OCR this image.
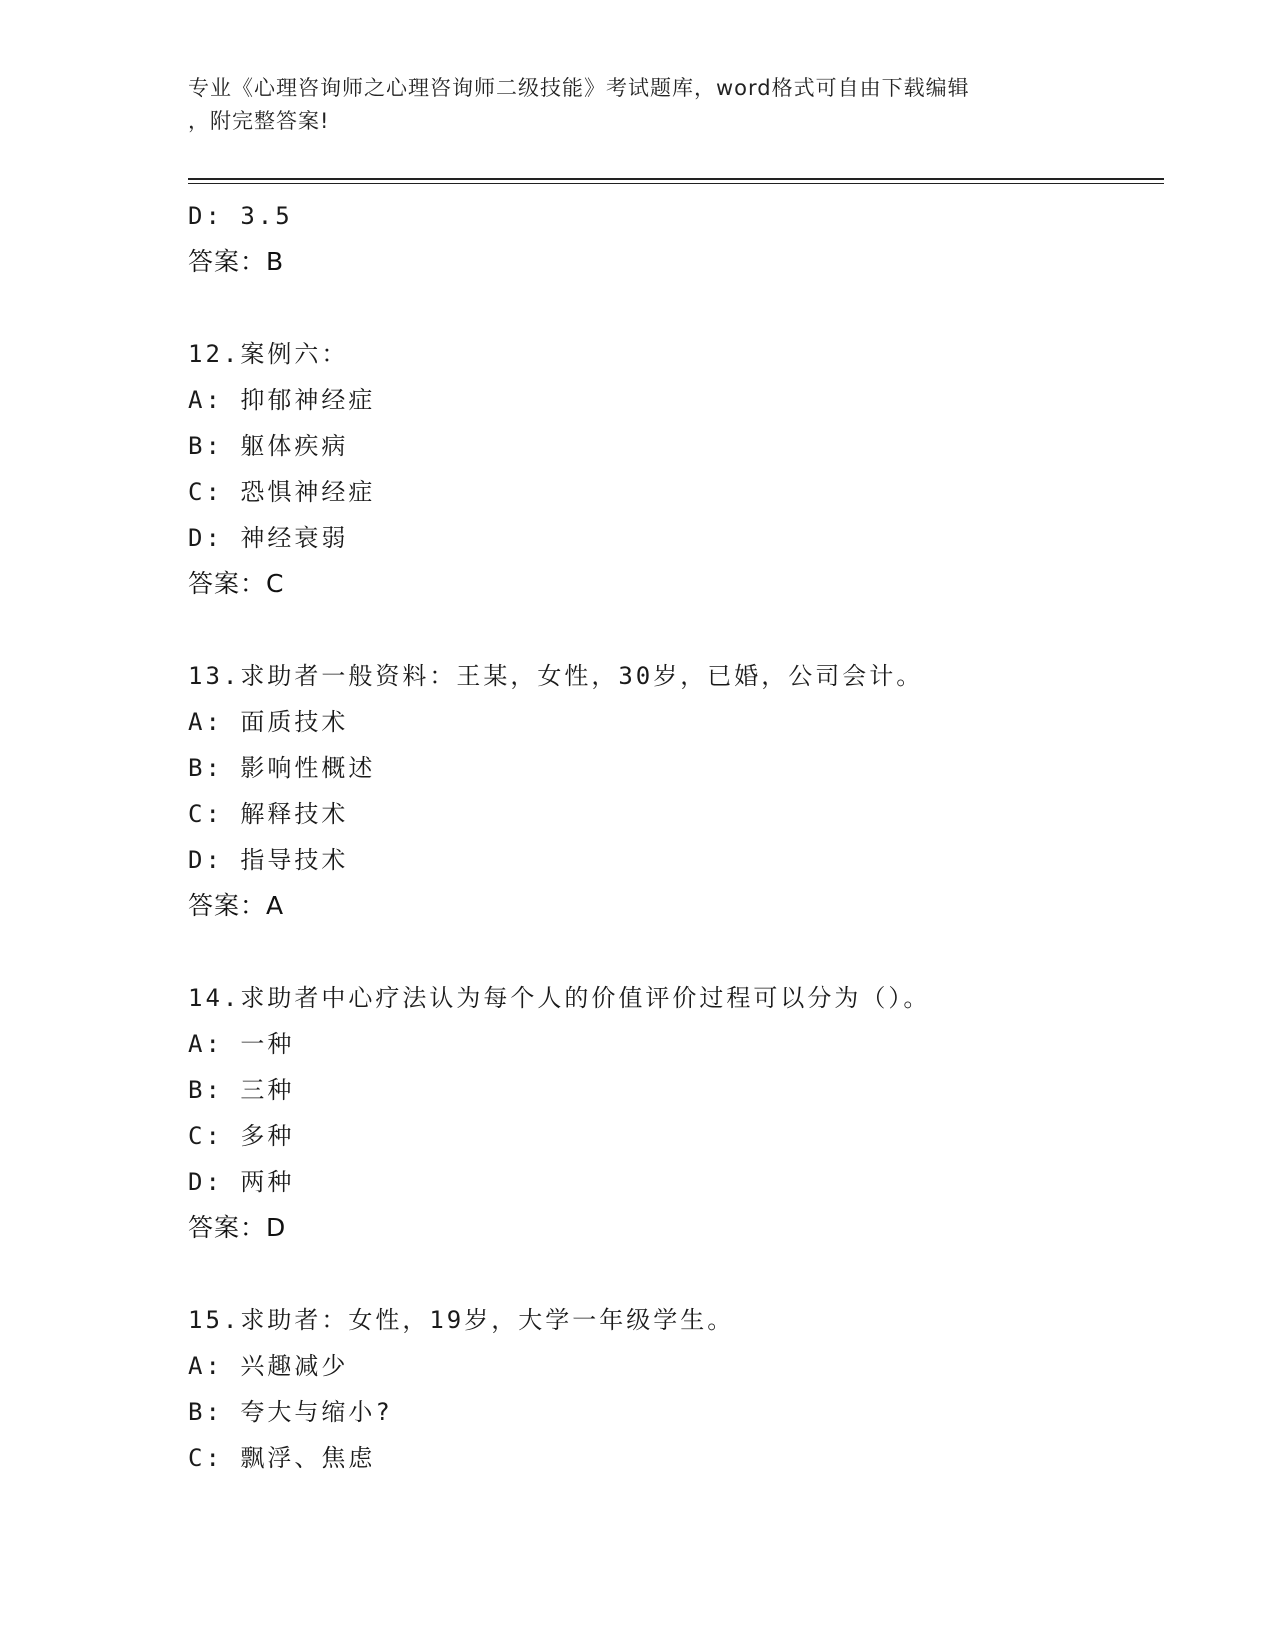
专业《心理咨询师之心理咨询师二级技能》考试题库，word格式可自由下载编辑
，附完整答案!
D: 3.5
答案：B
12.案例六：
A: 抑郁神经症
B: 躯体疾病
C: 恐惧神经症
D: 神经衰弱
答案：C
13.求助者一般资料：王某，女性，30岁，已婚，公司会计。
A: 面质技术
B: 影响性概述
C: 解释技术
D: 指导技术
答案：A
14.求助者中心疗法认为每个人的价值评价过程可以分为（）。
A: 一种
B: 三种
C: 多种
D: 两种
答案：D
15.求助者：女性，19岁，大学一年级学生。
A: 兴趣减少
B: 夸大与缩小?
C: 飘浮、焦虑
